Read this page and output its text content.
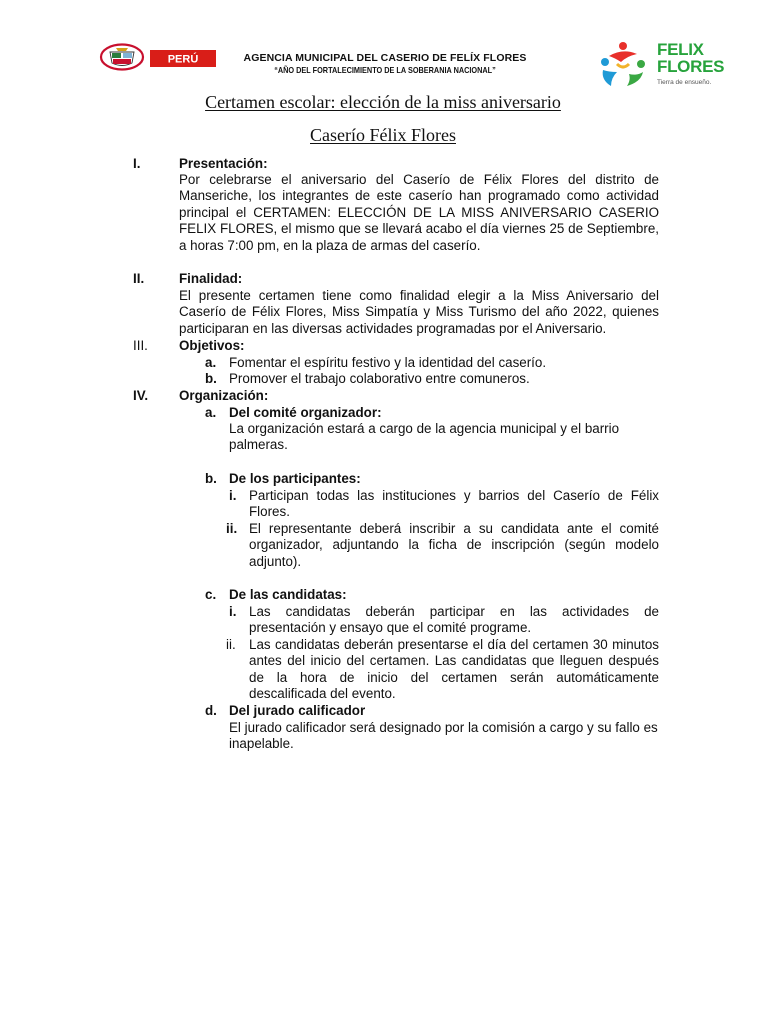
PERÚ	AGENCIA MUNICIPAL DEL CASERIO DE FELÍX FLORES
“AÑO DEL FORTALECIMIENTO DE LA SOBERANIA NACIONAL”
FELIX
FLORES
Tierra de ensueño.
Certamen escolar: elección de la miss aniversario
Caserío Félix Flores
I.	Presentación:
Por celebrarse el aniversario del Caserío de Félix Flores del distrito de Manseriche, los integrantes de este caserío han programado como actividad principal el CERTAMEN: ELECCIÓN DE LA MISS ANIVERSARIO CASERIO FELIX FLORES, el mismo que se llevará acabo el día viernes 25 de Septiembre, a horas 7:00 pm, en la plaza de armas del caserío.
II.	Finalidad:
El presente certamen tiene como finalidad elegir a la Miss Aniversario del Caserío de Félix Flores, Miss Simpatía y Miss Turismo del año 2022, quienes participaran en las diversas actividades programadas por el Aniversario.
III. Objetivos:
a. Fomentar el espíritu festivo y la identidad del caserío.
b. Promover el trabajo colaborativo entre comuneros.
IV. Organización:
a. Del comité organizador:
La organización estará a cargo de la agencia municipal y el barrio palmeras.
b. De los participantes:
i. Participan todas las instituciones y barrios del Caserío de Félix Flores.
ii. El representante deberá inscribir a su candidata ante el comité organizador, adjuntando la ficha de inscripción (según modelo adjunto).
c. De las candidatas:
i. Las candidatas deberán participar en las actividades de presentación y ensayo que el comité programe.
ii. Las candidatas deberán presentarse el día del certamen 30 minutos antes del inicio del certamen. Las candidatas que lleguen después de la hora de inicio del certamen serán automáticamente descalificada del evento.
d. Del jurado calificador
El jurado calificador será designado por la comisión a cargo y su fallo es inapelable.
